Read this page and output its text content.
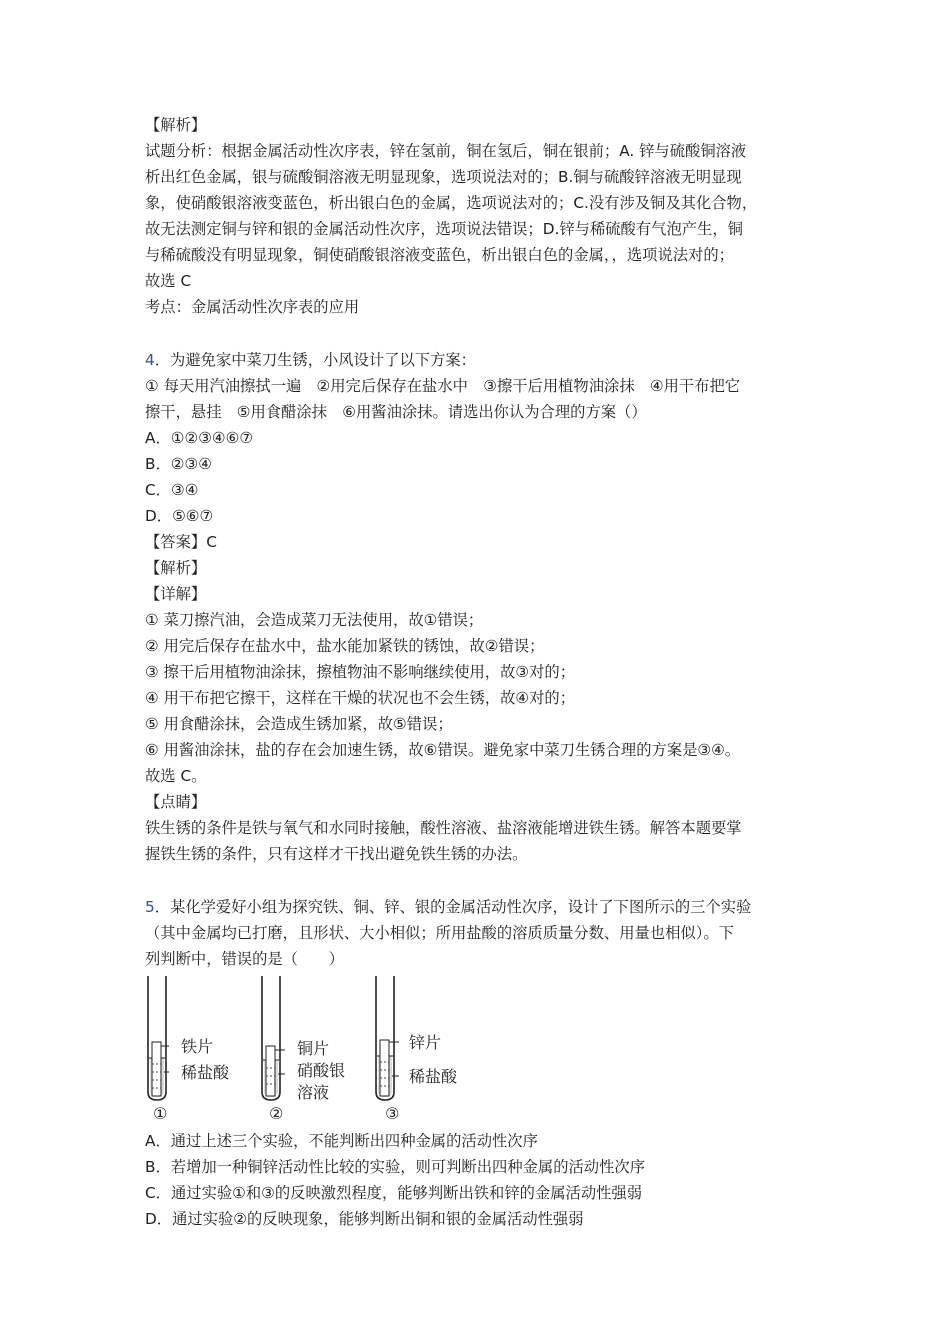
【解析】
试题分析：根据金属活动性次序表，锌在氢前，铜在氢后，铜在银前；A. 锌与硫酸铜溶液
析出红色金属，银与硫酸铜溶液无明显现象，选项说法对的；B.铜与硫酸锌溶液无明显现
象，使硝酸银溶液变蓝色，析出银白色的金属，选项说法对的；C.没有涉及铜及其化合物，
故无法测定铜与锌和银的金属活动性次序，选项说法错误；D.锌与稀硫酸有气泡产生，铜
与稀硫酸没有明显现象，铜使硝酸银溶液变蓝色，析出银白色的金属，，选项说法对的；
故选 C
考点：金属活动性次序表的应用
4．为避免家中菜刀生锈，小风设计了以下方案：
① 每天用汽油擦拭一遍　②用完后保存在盐水中　③擦干后用植物油涂抹　④用干布把它
擦干，悬挂　⑤用食醋涂抹　⑥用酱油涂抹。请选出你认为合理的方案（）
A．①②③④⑥⑦
B．②③④
C．③④
D．⑤⑥⑦
【答案】C
【解析】
【详解】
① 菜刀擦汽油，会造成菜刀无法使用，故①错误；
② 用完后保存在盐水中，盐水能加紧铁的锈蚀，故②错误；
③ 擦干后用植物油涂抹，擦植物油不影响继续使用，故③对的；
④ 用干布把它擦干，这样在干燥的状况也不会生锈，故④对的；
⑤ 用食醋涂抹，会造成生锈加紧，故⑤错误；
⑥ 用酱油涂抹，盐的存在会加速生锈，故⑥错误。避免家中菜刀生锈合理的方案是③④。
故选 C。
【点睛】
铁生锈的条件是铁与氧气和水同时接触，酸性溶液、盐溶液能增进铁生锈。解答本题要掌
握铁生锈的条件，只有这样才干找出避免铁生锈的办法。
5．某化学爱好小组为探究铁、铜、锌、银的金属活动性次序，设计了下图所示的三个实验
（其中金属均已打磨，且形状、大小相似；所用盐酸的溶质质量分数、用量也相似）。下
列判断中，错误的是（　　）
铁片
稀盐酸
①
铜片
硝酸银
溶液
②
锌片
稀盐酸
③
A．通过上述三个实验，不能判断出四种金属的活动性次序
B．若增加一种铜锌活动性比较的实验，则可判断出四种金属的活动性次序
C．通过实验①和③的反映激烈程度，能够判断出铁和锌的金属活动性强弱
D．通过实验②的反映现象，能够判断出铜和银的金属活动性强弱
